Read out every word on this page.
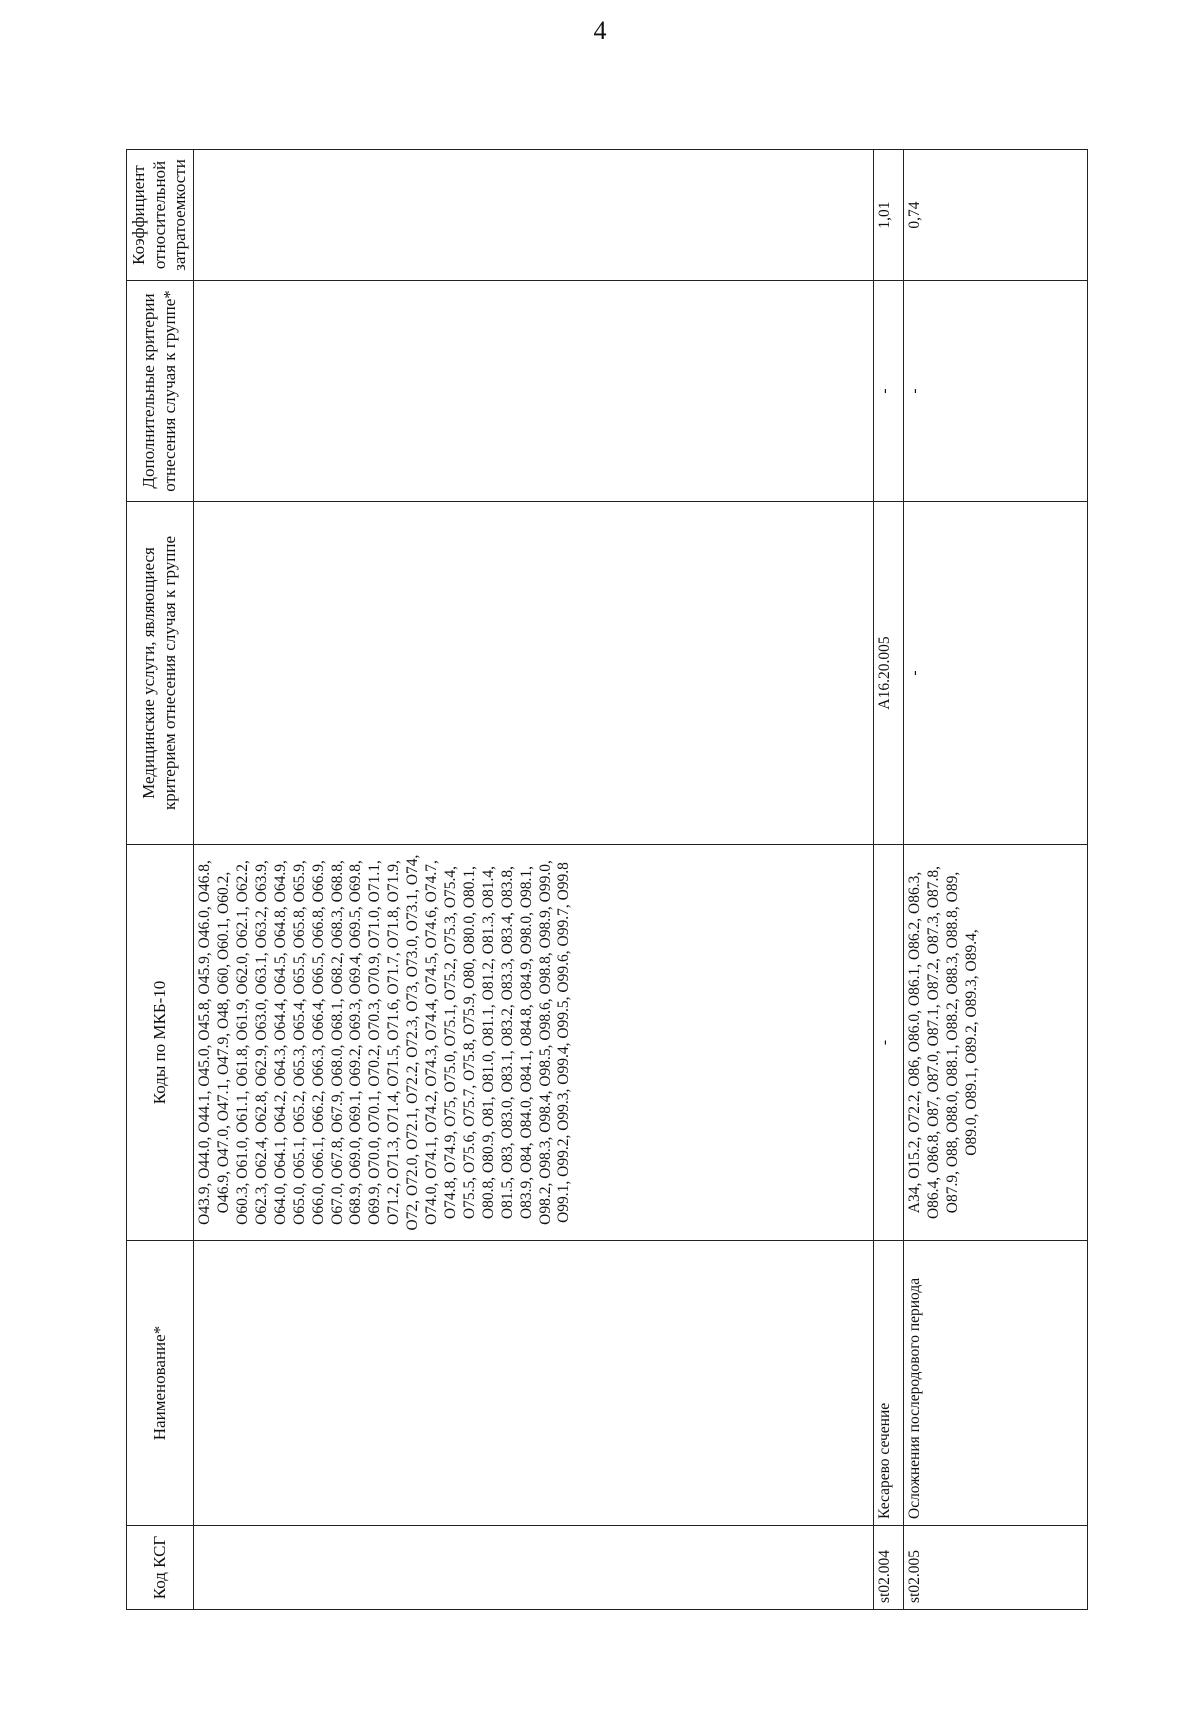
4
Код КСГ	Наименование*	Коды по МКБ-10	Медицинские услуги, являющиеся критерием отнесения случая к группе	Дополнительные критерии отнесения случая к группе*	Коэффициент относительной затратоемкости
		О43.9, О44.0, О44.1, О45.0, О45.8, О45.9, О46.0, О46.8, О46.9, О47.0, О47.1, О47.9, О48, О60, О60.1, О60.2, О60.3, О61.0, О61.1, О61.8, О61.9, О62.0, О62.1, О62.2, О62.3, О62.4, О62.8, О62.9, О63.0, О63.1, О63.2, О63.9, О64.0, О64.1, О64.2, О64.3, О64.4, О64.5, О64.8, О64.9, О65.0, О65.1, О65.2, О65.3, О65.4, О65.5, О65.8, О65.9, О66.0, О66.1, О66.2, О66.3, О66.4, О66.5, О66.8, О66.9, О67.0, О67.8, О67.9, О68.0, О68.1, О68.2, О68.3, О68.8, О68.9, О69.0, О69.1, О69.2, О69.3, О69.4, О69.5, О69.8, О69.9, О70.0, О70.1, О70.2, О70.3, О70.9, О71.0, О71.1, О71.2, О71.3, О71.4, О71.5, О71.6, О71.7, О71.8, О71.9, О72, О72.0, О72.1, О72.2, О72.3, О73, О73.0, О73.1, О74, О74.0, О74.1, О74.2, О74.3, О74.4, О74.5, О74.6, О74.7, О74.8, О74.9, О75, О75.0, О75.1, О75.2, О75.3, О75.4, О75.5, О75.6, О75.7, О75.8, О75.9, О80, О80.0, О80.1, О80.8, О80.9, О81, О81.0, О81.1, О81.2, О81.3, О81.4, О81.5, О83, О83.0, О83.1, О83.2, О83.3, О83.4, О83.8, О83.9, О84, О84.0, О84.1, О84.8, О84.9, О98.0, О98.1, О98.2, О98.3, О98.4, О98.5, О98.6, О98.8, О98.9, О99.0, О99.1, О99.2, О99.3, О99.4, О99.5, О99.6, О99.7, О99.8			
st02.004	Кесарево сечение	-	A16.20.005	-	1,01
st02.005	Осложнения послеродового периода	A34, O15.2, O72.2, O86, O86.0, O86.1, O86.2, O86.3, O86.4, O86.8, O87, O87.0, O87.1, O87.2, O87.3, O87.8, O87.9, O88, O88.0, O88.1, O88.2, O88.3, O88.8, O89, O89.0, O89.1, O89.2, O89.3, O89.4,	-	-	0,74
